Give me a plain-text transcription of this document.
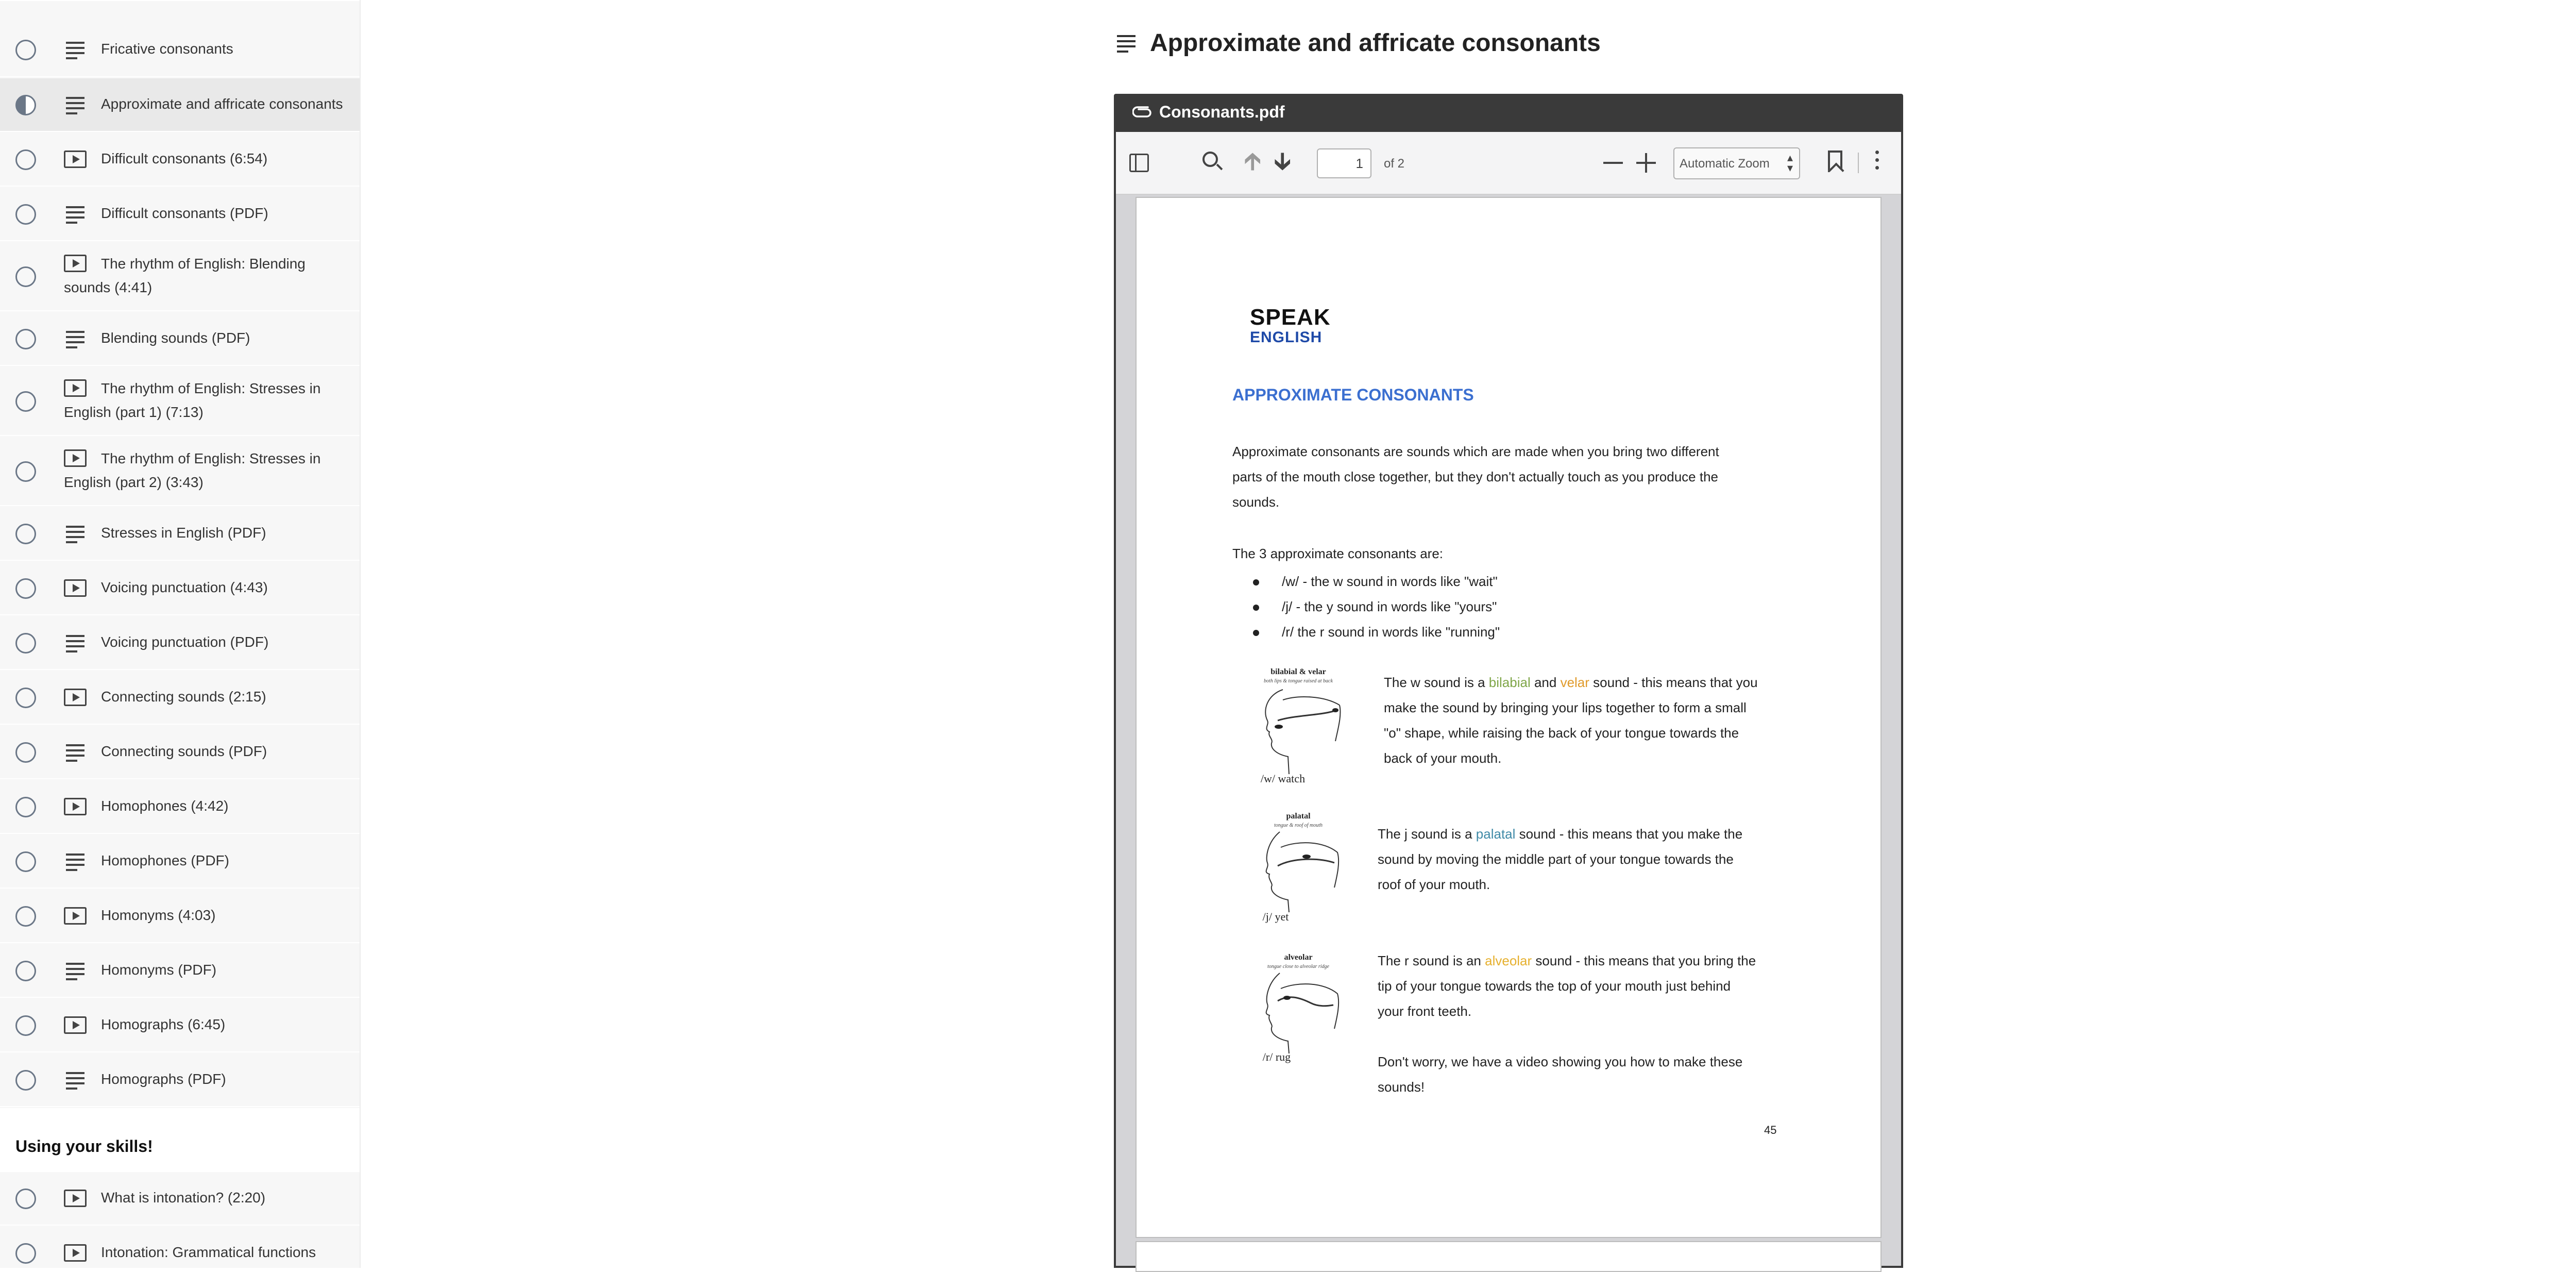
Fricative consonants
Approximate and affricate consonants
Difficult consonants (6:54)
Difficult consonants (PDF)
The rhythm of English: Blending
sounds (4:41)
Blending sounds (PDF)
The rhythm of English: Stresses in
English (part 1) (7:13)
The rhythm of English: Stresses in
English (part 2) (3:43)
Stresses in English (PDF)
Voicing punctuation (4:43)
Voicing punctuation (PDF)
Connecting sounds (2:15)
Connecting sounds (PDF)
Homophones (4:42)
Homophones (PDF)
Homonyms (4:03)
Homonyms (PDF)
Homographs (6:45)
Homographs (PDF)
Using your skills!
What is intonation? (2:20)
Intonation: Grammatical functions
Approximate and affricate consonants
Consonants.pdf
🡱 🡳
1	of 2	Automatic Zoom ▴
▾
SPEAK
ENGLISH
APPROXIMATE CONSONANTS
Approximate consonants are sounds which are made when you bring two different
parts of the mouth close together, but they don't actually touch as you produce the
sounds.
The 3 approximate consonants are:
/w/ - the w sound in words like "wait"
/j/ - the y sound in words like "yours"
/r/ the r sound in words like "running"
bilabial & velar
both lips & tongue raised at back
/w/ watch
The w sound is a bilabial and velar sound - this means that you
make the sound by bringing your lips together to form a small
"o" shape, while raising the back of your tongue towards the
back of your mouth.
palatal
tongue & roof of mouth
/j/ yet
The j sound is a palatal sound - this means that you make the
sound by moving the middle part of your tongue towards the
roof of your mouth.
alveolar
tongue close to alveolar ridge
/r/ rug
The r sound is an alveolar sound - this means that you bring the
tip of your tongue towards the top of your mouth just behind
your front teeth.
Don't worry, we have a video showing you how to make these
sounds!
45
